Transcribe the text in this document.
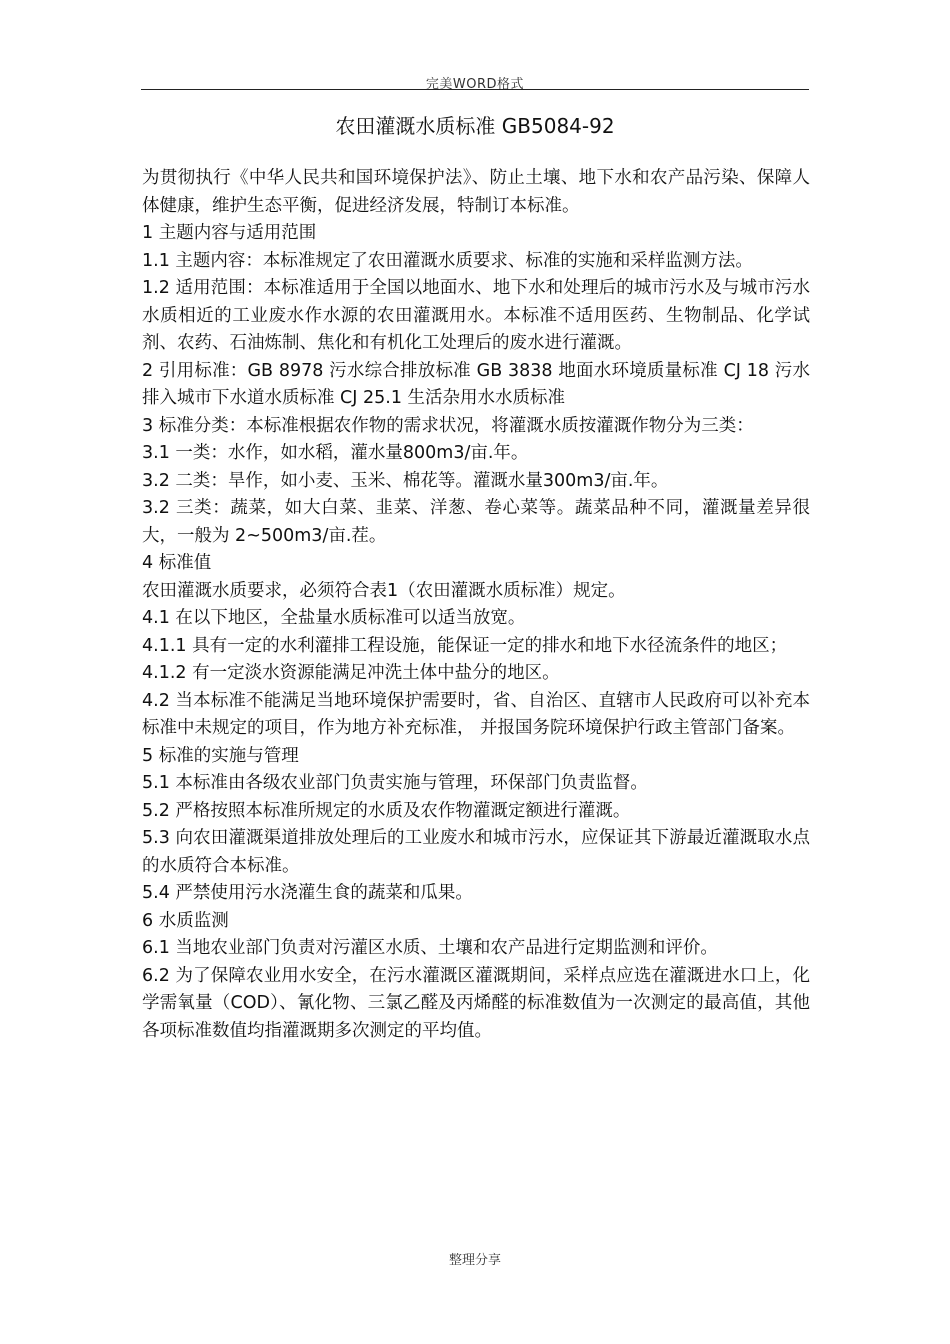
完美WORD格式
农田灌溉水质标准 GB5084-92

为贯彻执行《中华人民共和国环境保护法》、防止土壤、地下水和农产品污染、保障人体健康，维护生态平衡，促进经济发展，特制订本标准。

1 主题内容与适用范围

1.1 主题内容：本标准规定了农田灌溉水质要求、标准的实施和采样监测方法。

1.2 适用范围：本标准适用于全国以地面水、地下水和处理后的城市污水及与城市污水水质相近的工业废水作水源的农田灌溉用水。本标准不适用医药、生物制品、化学试剂、农药、石油炼制、焦化和有机化工处理后的废水进行灌溉。

2 引用标准：GB 8978 污水综合排放标准 GB 3838 地面水环境质量标准 CJ 18 污水排入城市下水道水质标准 CJ 25.1 生活杂用水水质标准

3 标准分类：本标准根据农作物的需求状况，将灌溉水质按灌溉作物分为三类：

3.1 一类：水作，如水稻，灌水量800m3/亩.年。

3.2 二类：旱作，如小麦、玉米、棉花等。灌溉水量300m3/亩.年。

3.2 三类：蔬菜，如大白菜、韭菜、洋葱、卷心菜等。蔬菜品种不同，灌溉量差异很大，一般为 2~500m3/亩.茬。

4 标准值

农田灌溉水质要求，必须符合表1（农田灌溉水质标准）规定。

4.1 在以下地区，全盐量水质标准可以适当放宽。

4.1.1 具有一定的水利灌排工程设施，能保证一定的排水和地下水径流条件的地区；

4.1.2 有一定淡水资源能满足冲洗土体中盐分的地区。

4.2 当本标准不能满足当地环境保护需要时，省、自治区、直辖市人民政府可以补充本标准中未规定的项目，作为地方补充标准， 并报国务院环境保护行政主管部门备案。

5 标准的实施与管理

5.1 本标准由各级农业部门负责实施与管理，环保部门负责监督。

5.2 严格按照本标准所规定的水质及农作物灌溉定额进行灌溉。

5.3 向农田灌溉渠道排放处理后的工业废水和城市污水，应保证其下游最近灌溉取水点的水质符合本标准。

5.4 严禁使用污水浇灌生食的蔬菜和瓜果。

6 水质监测

6.1 当地农业部门负责对污灌区水质、土壤和农产品进行定期监测和评价。

6.2 为了保障农业用水安全，在污水灌溉区灌溉期间，采样点应选在灌溉进水口上，化学需氧量（COD）、氰化物、三氯乙醛及丙烯醛的标准数值为一次测定的最高值，其他各项标准数值均指灌溉期多次测定的平均值。

整理分享
